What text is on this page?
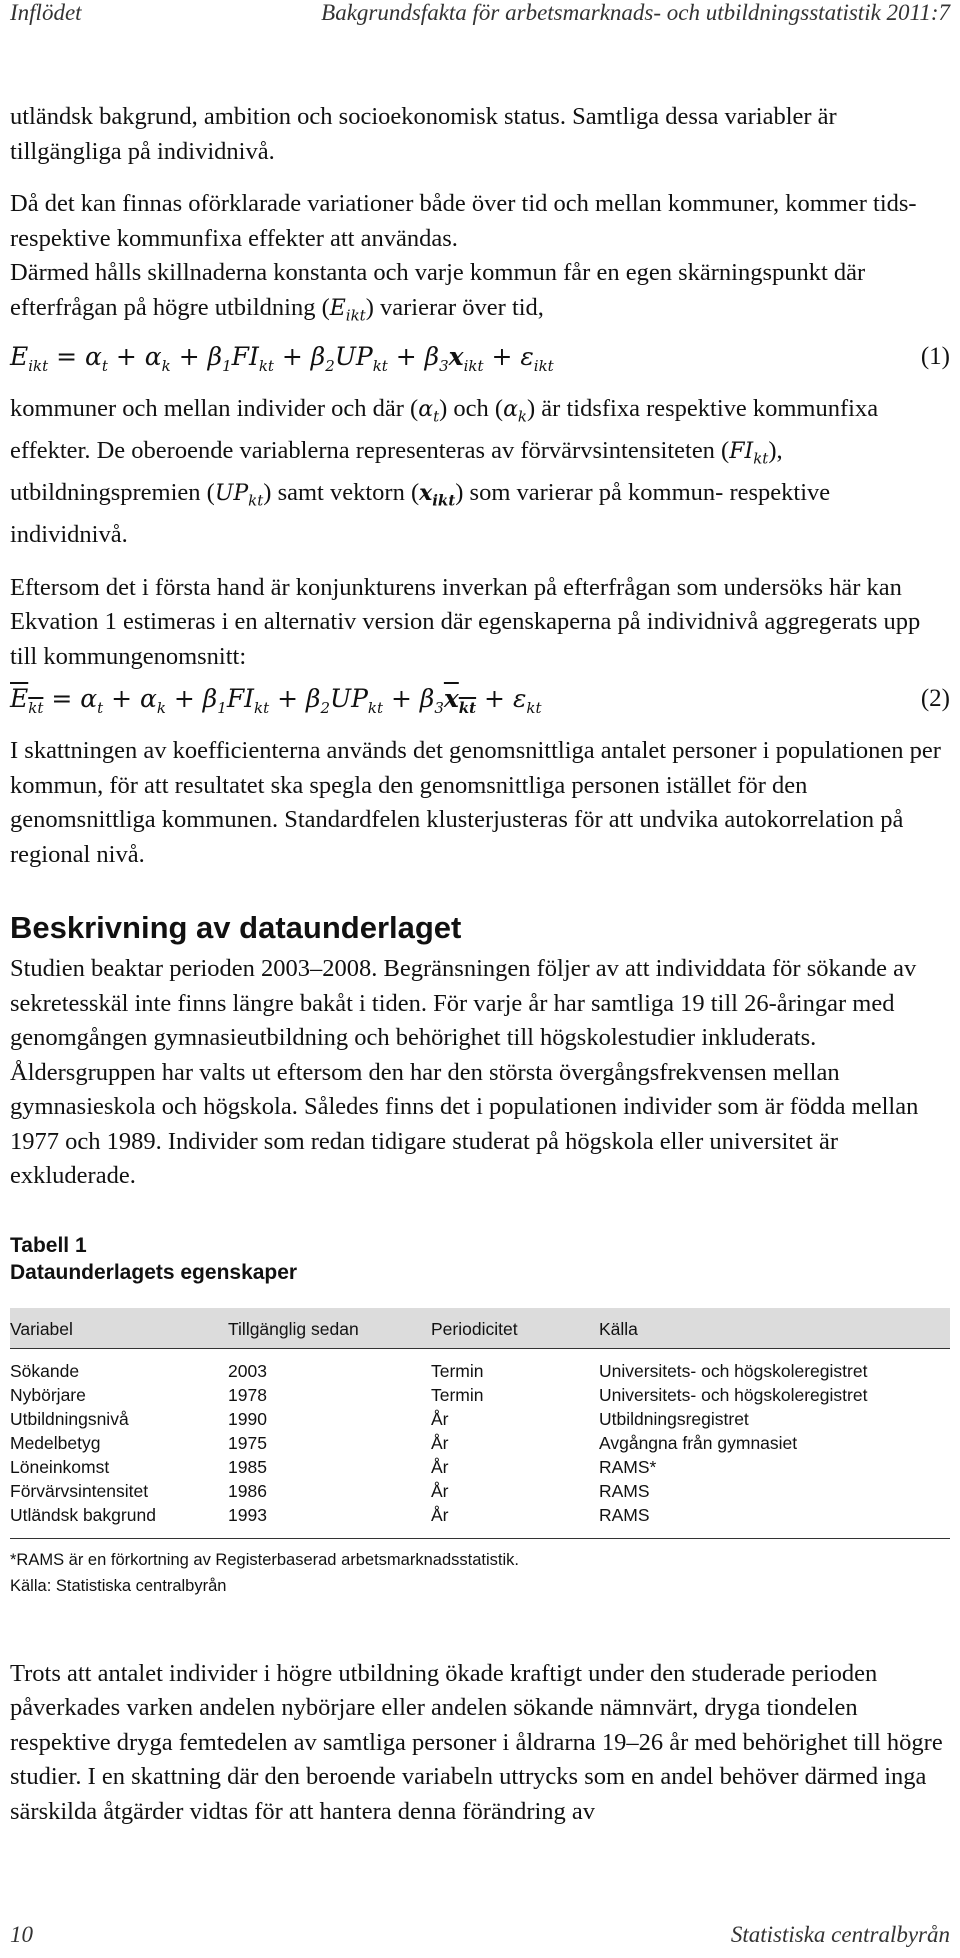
Inflödet	Bakgrundsfakta för arbetsmarknads- och utbildningsstatistik 2011:7

utländsk bakgrund, ambition och socioekonomisk status. Samtliga dessa variabler är tillgängliga på individnivå.

Då det kan finnas oförklarade variationer både över tid och mellan kommuner, kommer tids- respektive kommunfixa effekter att användas.

Därmed hålls skillnaderna konstanta och varje kommun får en egen skärningspunkt där efterfrågan på högre utbildning $(E_{ikt})$ varierar över tid,

$E_{ikt} = \alpha_t + \alpha_k + \beta_1FI_{kt} + \beta_2UP_{kt} + \beta_3x_{ikt} + \varepsilon_{ikt}$	(1)

kommuner och mellan individer och där $(\alpha_t)$ och $(\alpha_k)$ är tidsfixa respektive kommunfixa effekter. De oberoende variablerna representeras av förvärvsintensiteten $(FI_{kt})$, utbildningspremien $(UP_{kt})$ samt vektorn $(x_{ikt})$ som varierar på kommun- respektive individnivå.

Eftersom det i första hand är konjunkturens inverkan på efterfrågan som undersöks här kan Ekvation 1 estimeras i en alternativ version där egenskaperna på individnivå aggregerats upp till kommungenomsnitt:

$E_{kt} = \alpha_t + \alpha_k + \beta_1FI_{kt} + \beta_2UP_{kt} + \beta_3x_{kt} + \varepsilon_{kt}$	(2)

I skattningen av koefficienterna används det genomsnittliga antalet personer i populationen per kommun, för att resultatet ska spegla den genomsnittliga personen istället för den genomsnittliga kommunen. Standardfelen klusterjusteras för att undvika autokorrelation på regional nivå.

Beskrivning av dataunderlaget

Studien beaktar perioden 2003–2008. Begränsningen följer av att individdata för sökande av sekretesskäl inte finns längre bakåt i tiden. För varje år har samtliga 19 till 26-åringar med genomgången gymnasieutbildning och behörighet till högskolestudier inkluderats. Åldersgruppen har valts ut eftersom den har den största övergångsfrekvensen mellan gymnasieskola och högskola. Således finns det i populationen individer som är födda mellan 1977 och 1989. Individer som redan tidigare studerat på högskola eller universitet är exkluderade.

Tabell 1
Dataunderlagets egenskaper
Variabel	Tillgänglig sedan	Periodicitet	Källa
Sökande	2003	Termin	Universitets- och högskoleregistret
Nybörjare	1978	Termin	Universitets- och högskoleregistret
Utbildningsnivå	1990	År	Utbildningsregistret
Medelbetyg	1975	År	Avgångna från gymnasiet
Löneinkomst	1985	År	RAMS*
Förvärvsintensitet	1986	År	RAMS
Utländsk bakgrund	1993	År	RAMS
*RAMS är en förkortning av Registerbaserad arbetsmarknadsstatistik.
Källa: Statistiska centralbyrån

Trots att antalet individer i högre utbildning ökade kraftigt under den studerade perioden påverkades varken andelen nybörjare eller andelen sökande nämnvärt, dryga tiondelen respektive dryga femtedelen av samtliga personer i åldrarna 19–26 år med behörighet till högre studier. I en skattning där den beroende variabeln uttrycks som en andel behöver därmed inga särskilda åtgärder vidtas för att hantera denna förändring av

10	Statistiska centralbyrån
